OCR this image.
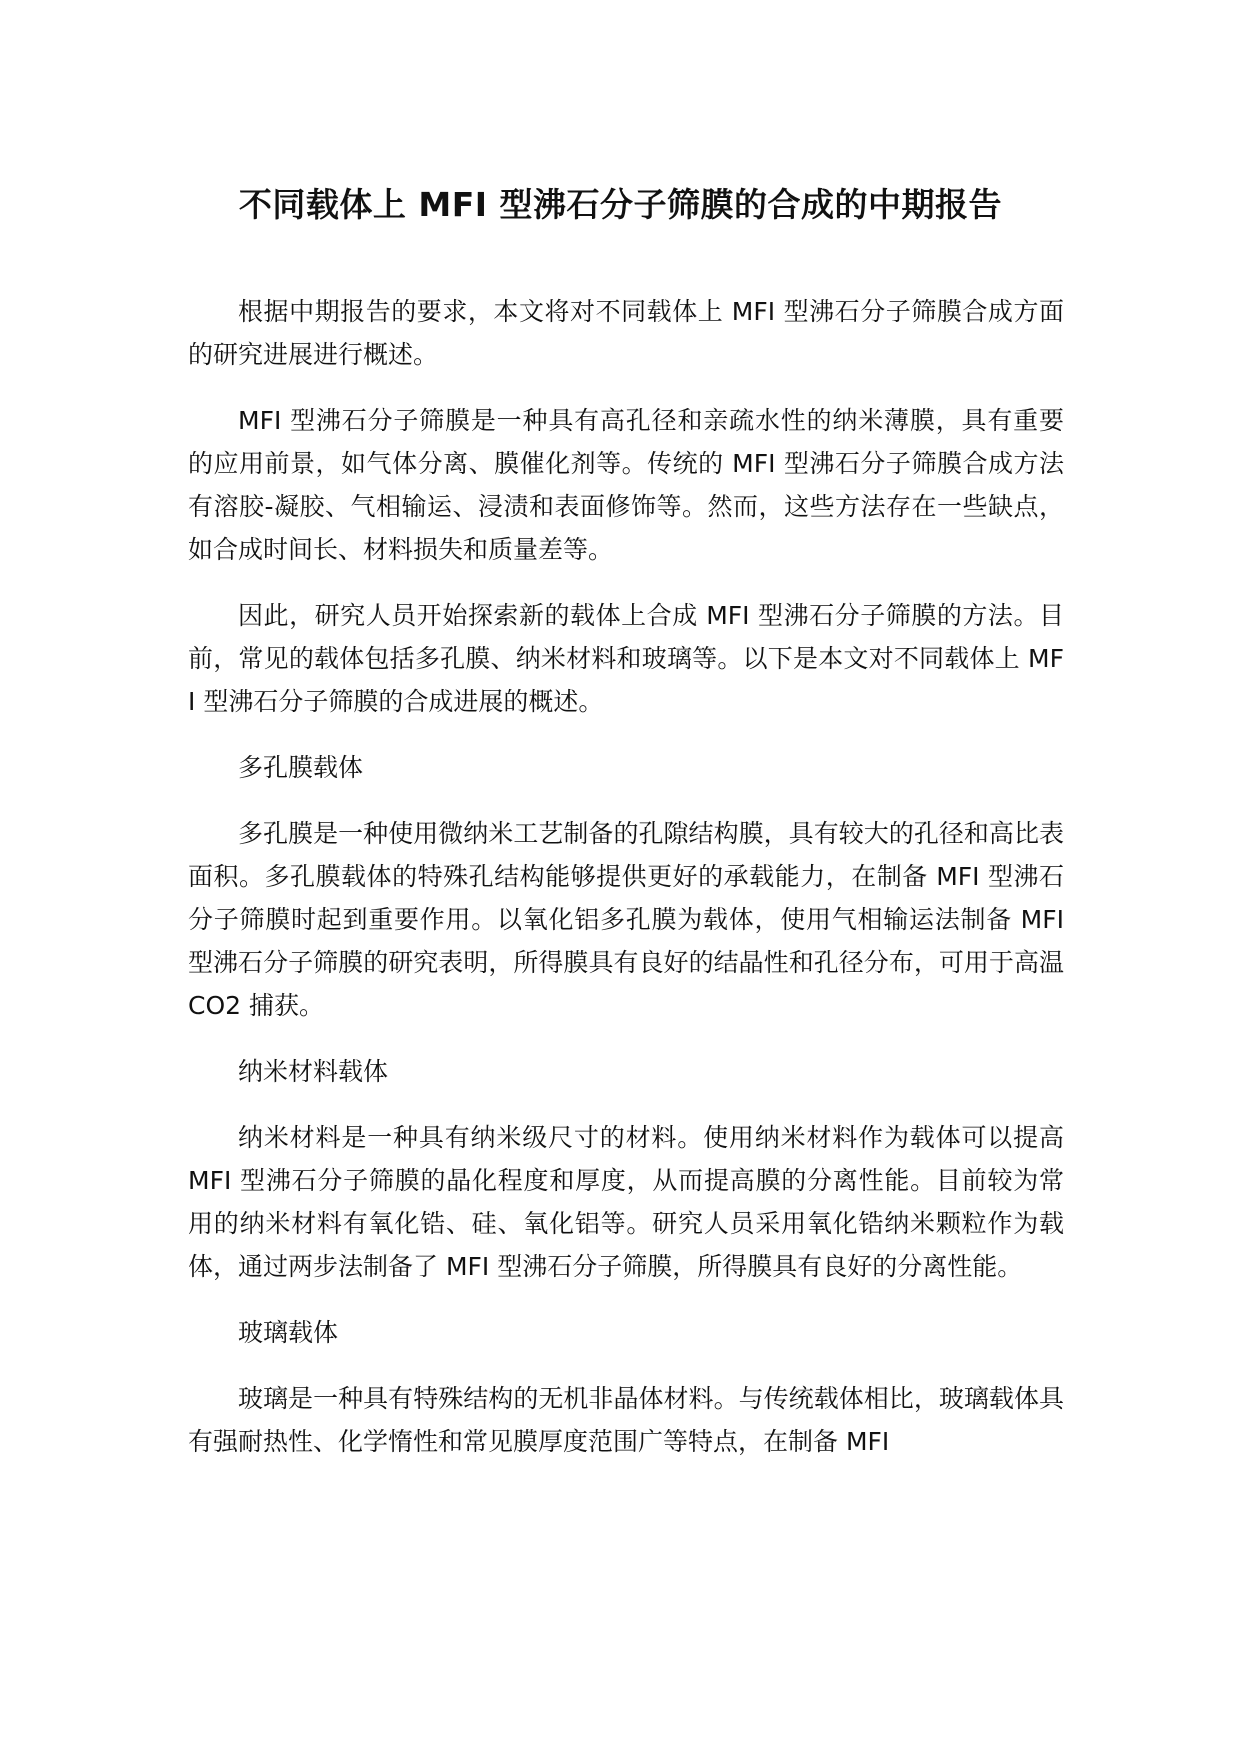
不同载体上 MFI 型沸石分子筛膜的合成的中期报告

根据中期报告的要求，本文将对不同载体上 MFI 型沸石分子筛膜合成方面的研究进展进行概述。

MFI 型沸石分子筛膜是一种具有高孔径和亲疏水性的纳米薄膜，具有重要的应用前景，如气体分离、膜催化剂等。传统的 MFI 型沸石分子筛膜合成方法有溶胶-凝胶、气相输运、浸渍和表面修饰等。然而，这些方法存在一些缺点，如合成时间长、材料损失和质量差等。

因此，研究人员开始探索新的载体上合成 MFI 型沸石分子筛膜的方法。目前，常见的载体包括多孔膜、纳米材料和玻璃等。以下是本文对不同载体上 MFI 型沸石分子筛膜的合成进展的概述。

多孔膜载体

多孔膜是一种使用微纳米工艺制备的孔隙结构膜，具有较大的孔径和高比表面积。多孔膜载体的特殊孔结构能够提供更好的承载能力，在制备 MFI 型沸石分子筛膜时起到重要作用。以氧化铝多孔膜为载体，使用气相输运法制备 MFI 型沸石分子筛膜的研究表明，所得膜具有良好的结晶性和孔径分布，可用于高温 CO2 捕获。

纳米材料载体

纳米材料是一种具有纳米级尺寸的材料。使用纳米材料作为载体可以提高 MFI 型沸石分子筛膜的晶化程度和厚度，从而提高膜的分离性能。目前较为常用的纳米材料有氧化锆、硅、氧化铝等。研究人员采用氧化锆纳米颗粒作为载体，通过两步法制备了 MFI 型沸石分子筛膜，所得膜具有良好的分离性能。

玻璃载体

玻璃是一种具有特殊结构的无机非晶体材料。与传统载体相比，玻璃载体具有强耐热性、化学惰性和常见膜厚度范围广等特点，在制备 MFI
